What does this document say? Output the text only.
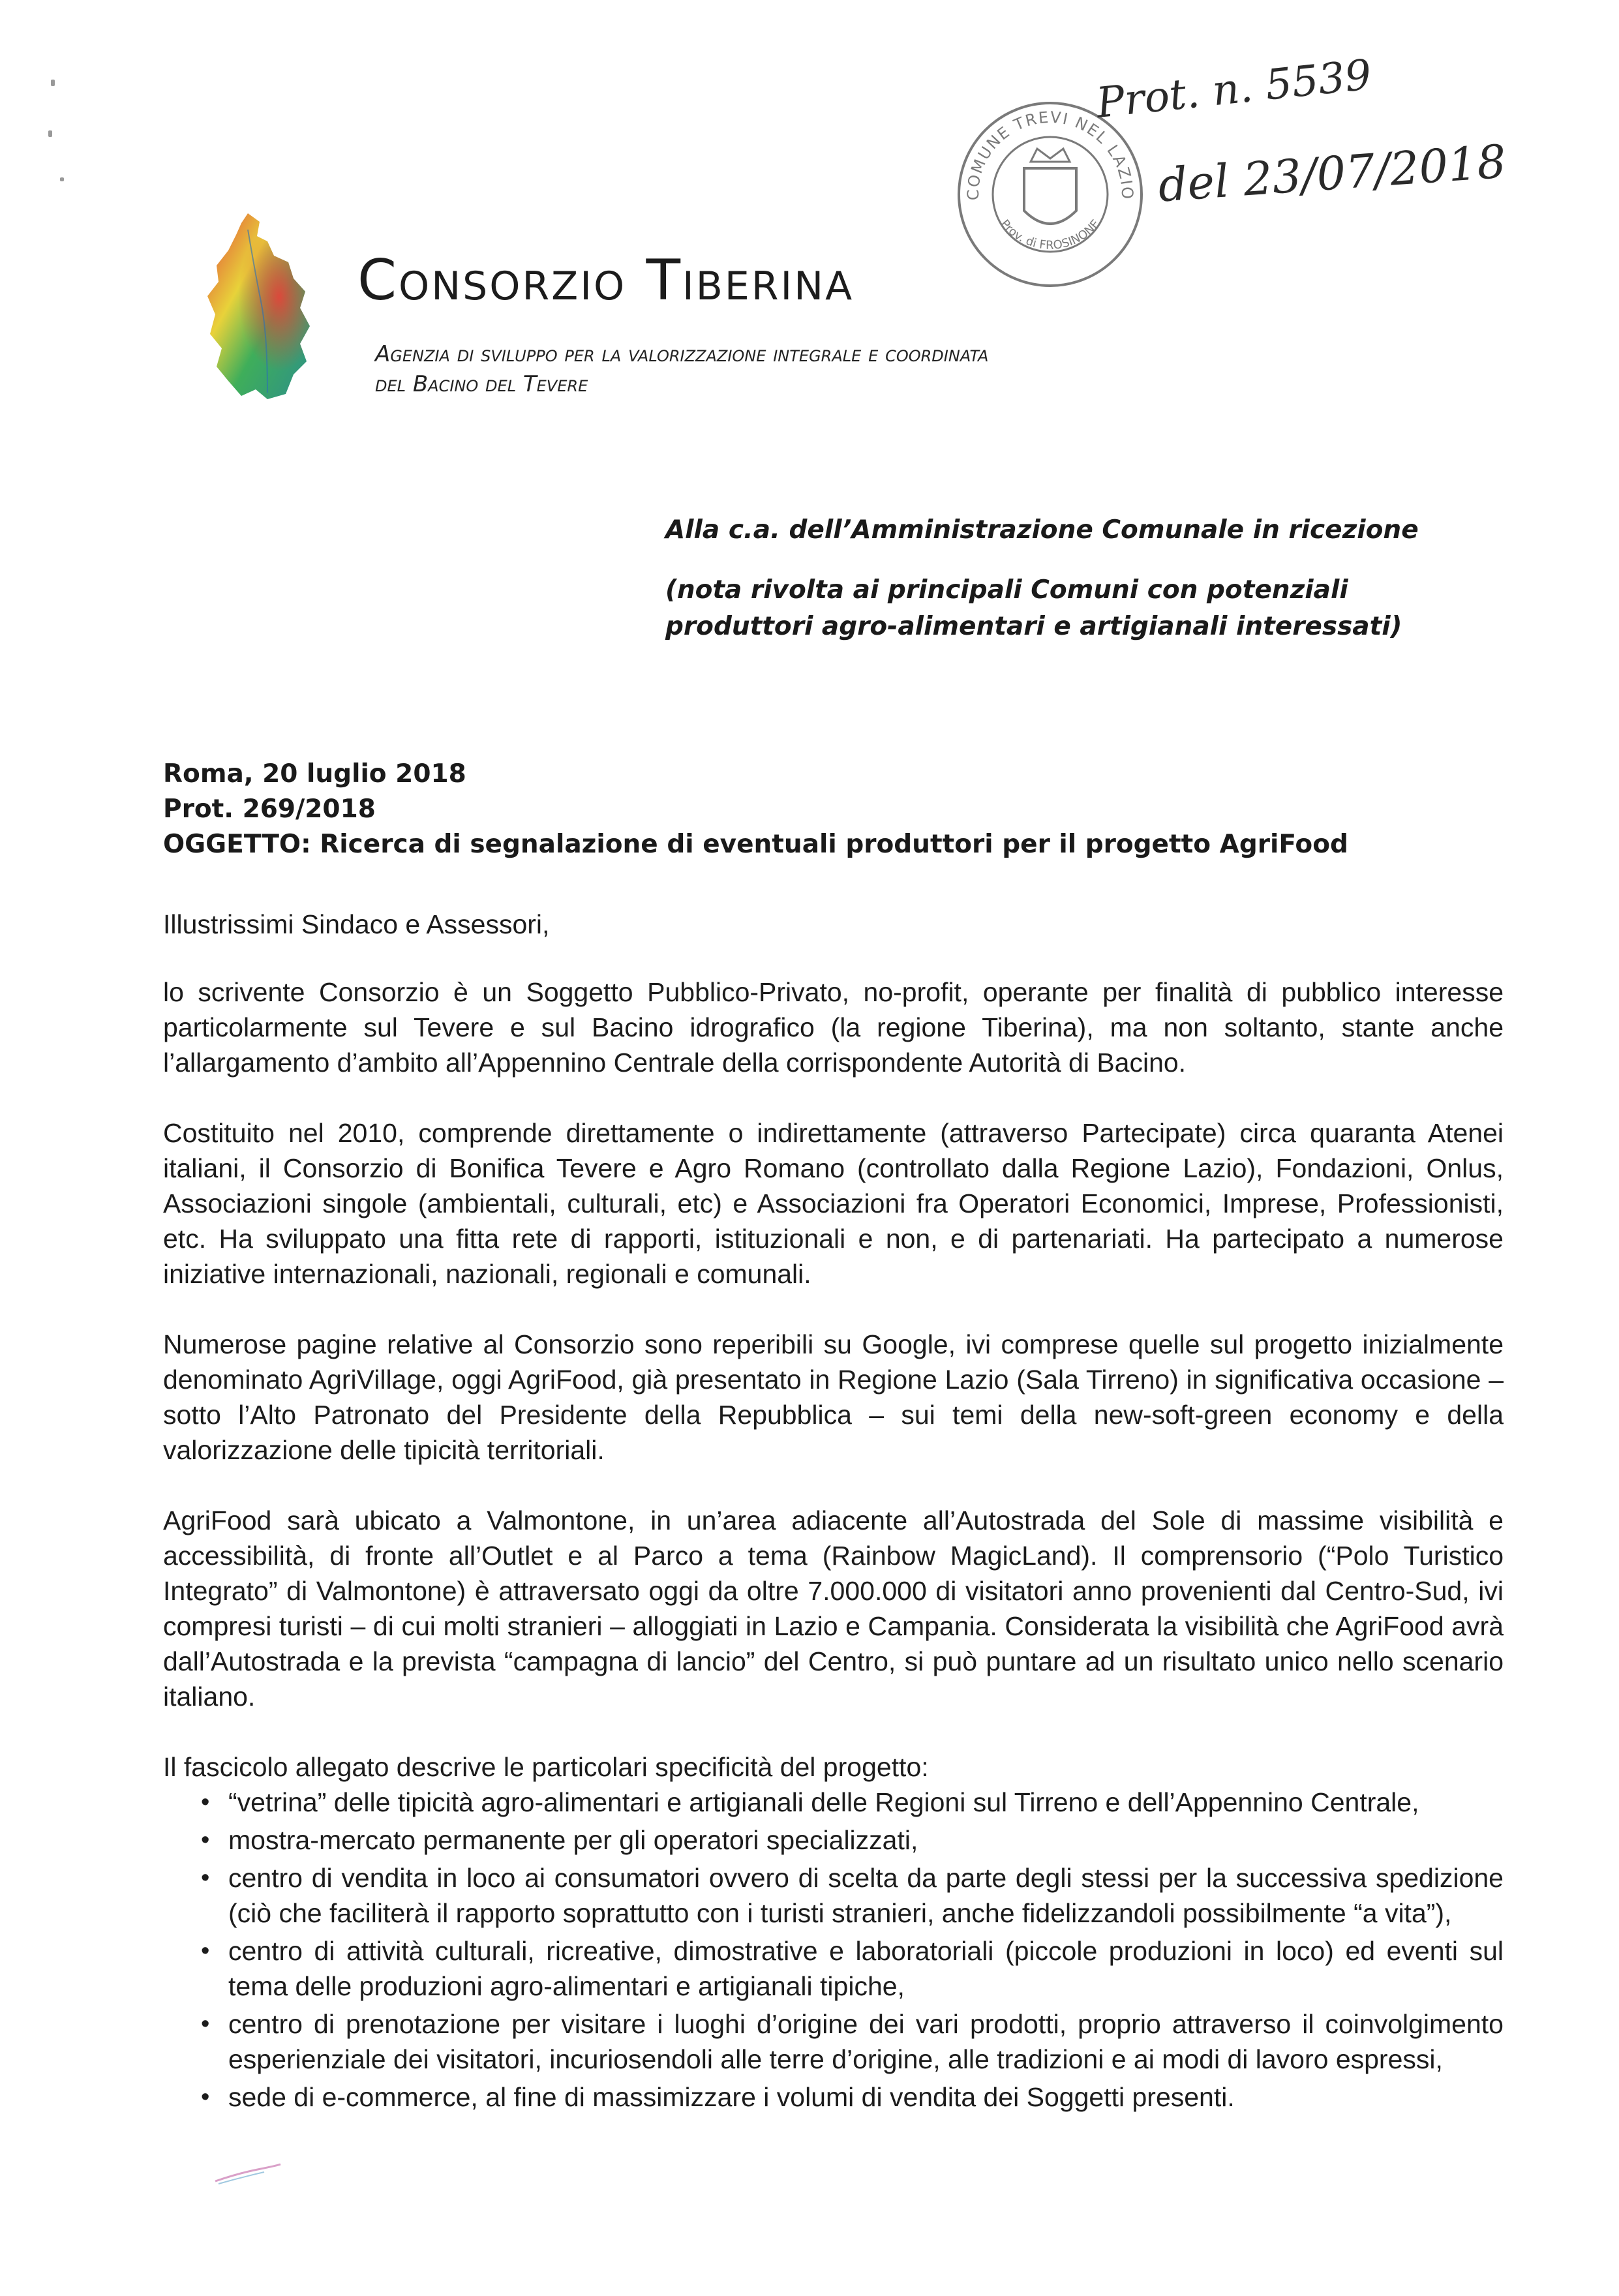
Consorzio Tiberina
Agenzia di sviluppo per la valorizzazione integrale e coordinata
del Bacino del Tevere
COMUNE TREVI NEL LAZIO
Prov. di FROSINONE
Prot. n. 5539
del 23/07/2018

Alla c.a. dell’Amministrazione Comunale in ricezione

(nota rivolta ai principali Comuni con potenziali produttori agro-alimentari e artigianali interessati)

Roma, 20 luglio 2018
Prot. 269/2018
OGGETTO: Ricerca di segnalazione di eventuali produttori per il progetto AgriFood

Illustrissimi Sindaco e Assessori,

lo scrivente Consorzio è un Soggetto Pubblico-Privato, no-profit, operante per finalità di pubblico interesse particolarmente sul Tevere e sul Bacino idrografico (la regione Tiberina), ma non soltanto, stante anche l’allargamento d’ambito all’Appennino Centrale della corrispondente Autorità di Bacino.

Costituito nel 2010, comprende direttamente o indirettamente (attraverso Partecipate) circa quaranta Atenei italiani, il Consorzio di Bonifica Tevere e Agro Romano (controllato dalla Regione Lazio), Fondazioni, Onlus, Associazioni singole (ambientali, culturali, etc) e Associazioni fra Operatori Economici, Imprese, Professionisti, etc. Ha sviluppato una fitta rete di rapporti, istituzionali e non, e di partenariati. Ha partecipato a numerose iniziative internazionali, nazionali, regionali e comunali.

Numerose pagine relative al Consorzio sono reperibili su Google, ivi comprese quelle sul progetto inizialmente denominato AgriVillage, oggi AgriFood, già presentato in Regione Lazio (Sala Tirreno) in significativa occasione – sotto l’Alto Patronato del Presidente della Repubblica – sui temi della new-soft-green economy e della valorizzazione delle tipicità territoriali.

AgriFood sarà ubicato a Valmontone, in un’area adiacente all’Autostrada del Sole di massime visibilità e accessibilità, di fronte all’Outlet e al Parco a tema (Rainbow MagicLand). Il comprensorio (“Polo Turistico Integrato” di Valmontone) è attraversato oggi da oltre 7.000.000 di visitatori anno provenienti dal Centro-Sud, ivi compresi turisti – di cui molti stranieri – alloggiati in Lazio e Campania. Considerata la visibilità che AgriFood avrà dall’Autostrada e la prevista “campagna di lancio” del Centro, si può puntare ad un risultato unico nello scenario italiano.

Il fascicolo allegato descrive le particolari specificità del progetto:

• “vetrina” delle tipicità agro-alimentari e artigianali delle Regioni sul Tirreno e dell’Appennino Centrale,
• mostra-mercato permanente per gli operatori specializzati,
• centro di vendita in loco ai consumatori ovvero di scelta da parte degli stessi per la successiva spedizione (ciò che faciliterà il rapporto soprattutto con i turisti stranieri, anche fidelizzandoli possibilmente “a vita”),
• centro di attività culturali, ricreative, dimostrative e laboratoriali (piccole produzioni in loco) ed eventi sul tema delle produzioni agro-alimentari e artigianali tipiche,
• centro di prenotazione per visitare i luoghi d’origine dei vari prodotti, proprio attraverso il coinvolgimento esperienziale dei visitatori, incuriosendoli alle terre d’origine, alle tradizioni e ai modi di lavoro espressi,
• sede di e-commerce, al fine di massimizzare i volumi di vendita dei Soggetti presenti.
